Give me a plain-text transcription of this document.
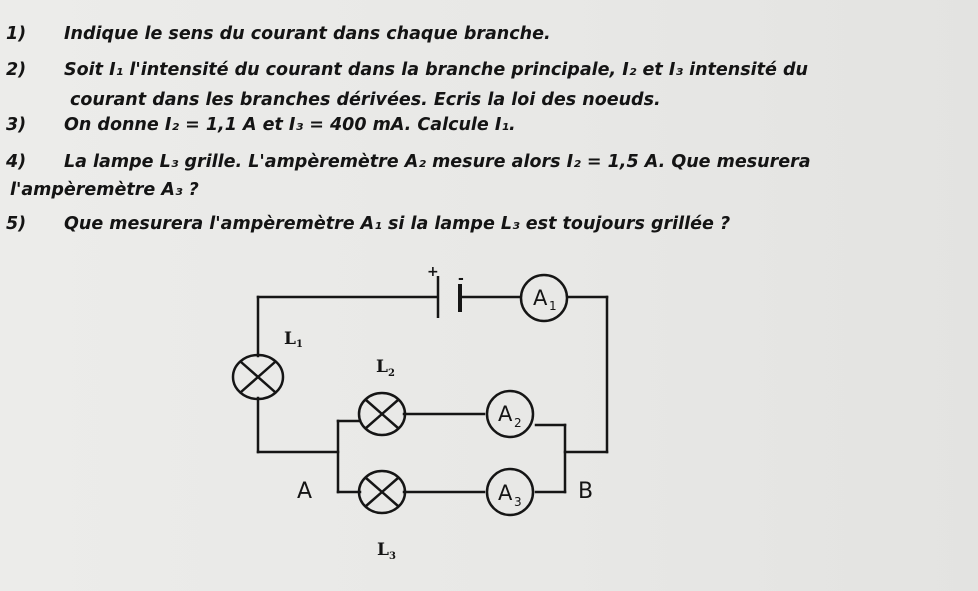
1) Indique le sens du courant dans chaque branche.
2) Soit I₁ l'intensité du courant dans la branche principale, I₂ et I₃ intensité du
courant dans les branches dérivées. Ecris la loi des noeuds.
3) On donne I₂ = 1,1 A et I₃ = 400 mA. Calcule I₁.
4) La lampe L₃ grille. L'ampèremètre A₂ mesure alors I₂ = 1,5 A. Que mesurera
l'ampèremètre A₃ ?
5) Que mesurera l'ampèremètre A₁ si la lampe L₃ est toujours grillée ?
+ -
A 1
A 2
A 3
L 1
L 2
L 3
A	B
